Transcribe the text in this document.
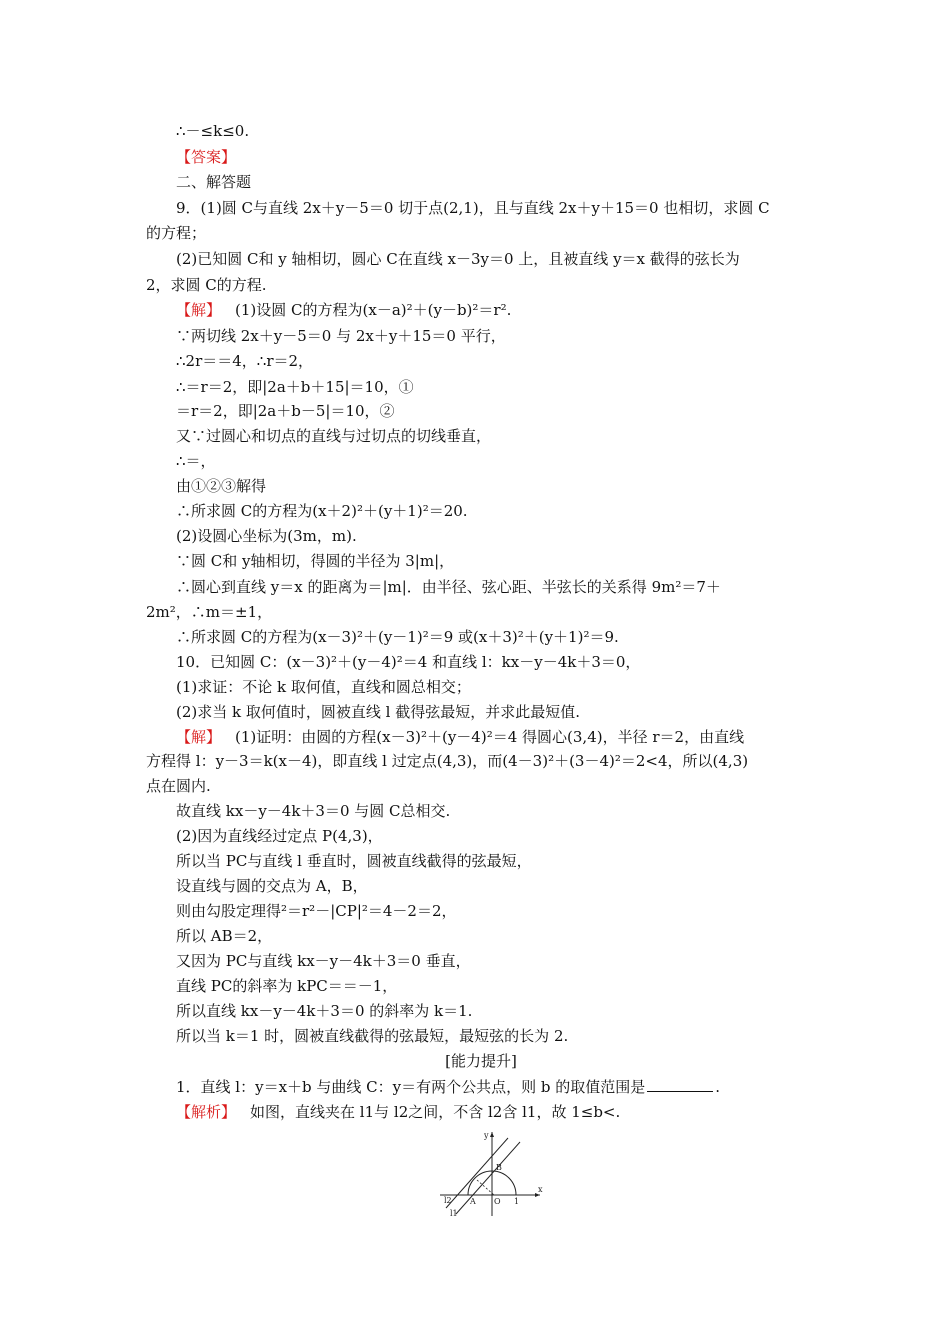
∴－≤k≤0.
【答案】
二、解答题
9．(1)圆 C与直线 2x＋y－5＝0 切于点(2,1)，且与直线 2x＋y＋15＝0 也相切，求圆 C
的方程；
(2)已知圆 C和 y 轴相切，圆心 C在直线 x－3y＝0 上，且被直线 y＝x 截得的弦长为
2，求圆 C的方程.
【解】 (1)设圆 C的方程为(x－a)²＋(y－b)²＝r².
∵两切线 2x＋y－5＝0 与 2x＋y＋15＝0 平行，
∴2r＝＝4，∴r＝2，
∴＝r＝2，即|2a＋b＋15|＝10，①
＝r＝2，即|2a＋b－5|＝10，②
又∵过圆心和切点的直线与过切点的切线垂直，
∴＝，
由①②③解得
∴所求圆 C的方程为(x＋2)²＋(y＋1)²＝20.
(2)设圆心坐标为(3m，m).
∵圆 C和 y轴相切，得圆的半径为 3|m|，
∴圆心到直线 y＝x 的距离为＝|m|．由半径、弦心距、半弦长的关系得 9m²＝7＋
2m²，∴m＝±1，
∴所求圆 C的方程为(x－3)²＋(y－1)²＝9 或(x＋3)²＋(y＋1)²＝9.
10．已知圆 C：(x－3)²＋(y－4)²＝4 和直线 l：kx－y－4k＋3＝0，
(1)求证：不论 k 取何值，直线和圆总相交；
(2)求当 k 取何值时，圆被直线 l 截得弦最短，并求此最短值.
【解】 (1)证明：由圆的方程(x－3)²＋(y－4)²＝4 得圆心(3,4)，半径 r＝2，由直线
方程得 l：y－3＝k(x－4)，即直线 l 过定点(4,3)，而(4－3)²＋(3－4)²＝2<4，所以(4,3)
点在圆内.
故直线 kx－y－4k＋3＝0 与圆 C总相交.
(2)因为直线经过定点 P(4,3)，
所以当 PC与直线 l 垂直时，圆被直线截得的弦最短，
设直线与圆的交点为 A，B，
则由勾股定理得²＝r²－|CP|²＝4－2＝2，
所以 AB＝2，
又因为 PC与直线 kx－y－4k＋3＝0 垂直，
直线 PC的斜率为 kPC＝＝－1，
所以直线 kx－y－4k＋3＝0 的斜率为 k＝1.
所以当 k＝1 时，圆被直线截得的弦最短，最短弦的长为 2.
[能力提升]
1．直线 l：y＝x＋b 与曲线 C：y＝有两个公共点，则 b 的取值范围是	.
【解析】 如图，直线夹在 l1与 l2之间，不含 l2含 l1，故 1≤b<.
y
x
O 1
A
B
l2
l1
